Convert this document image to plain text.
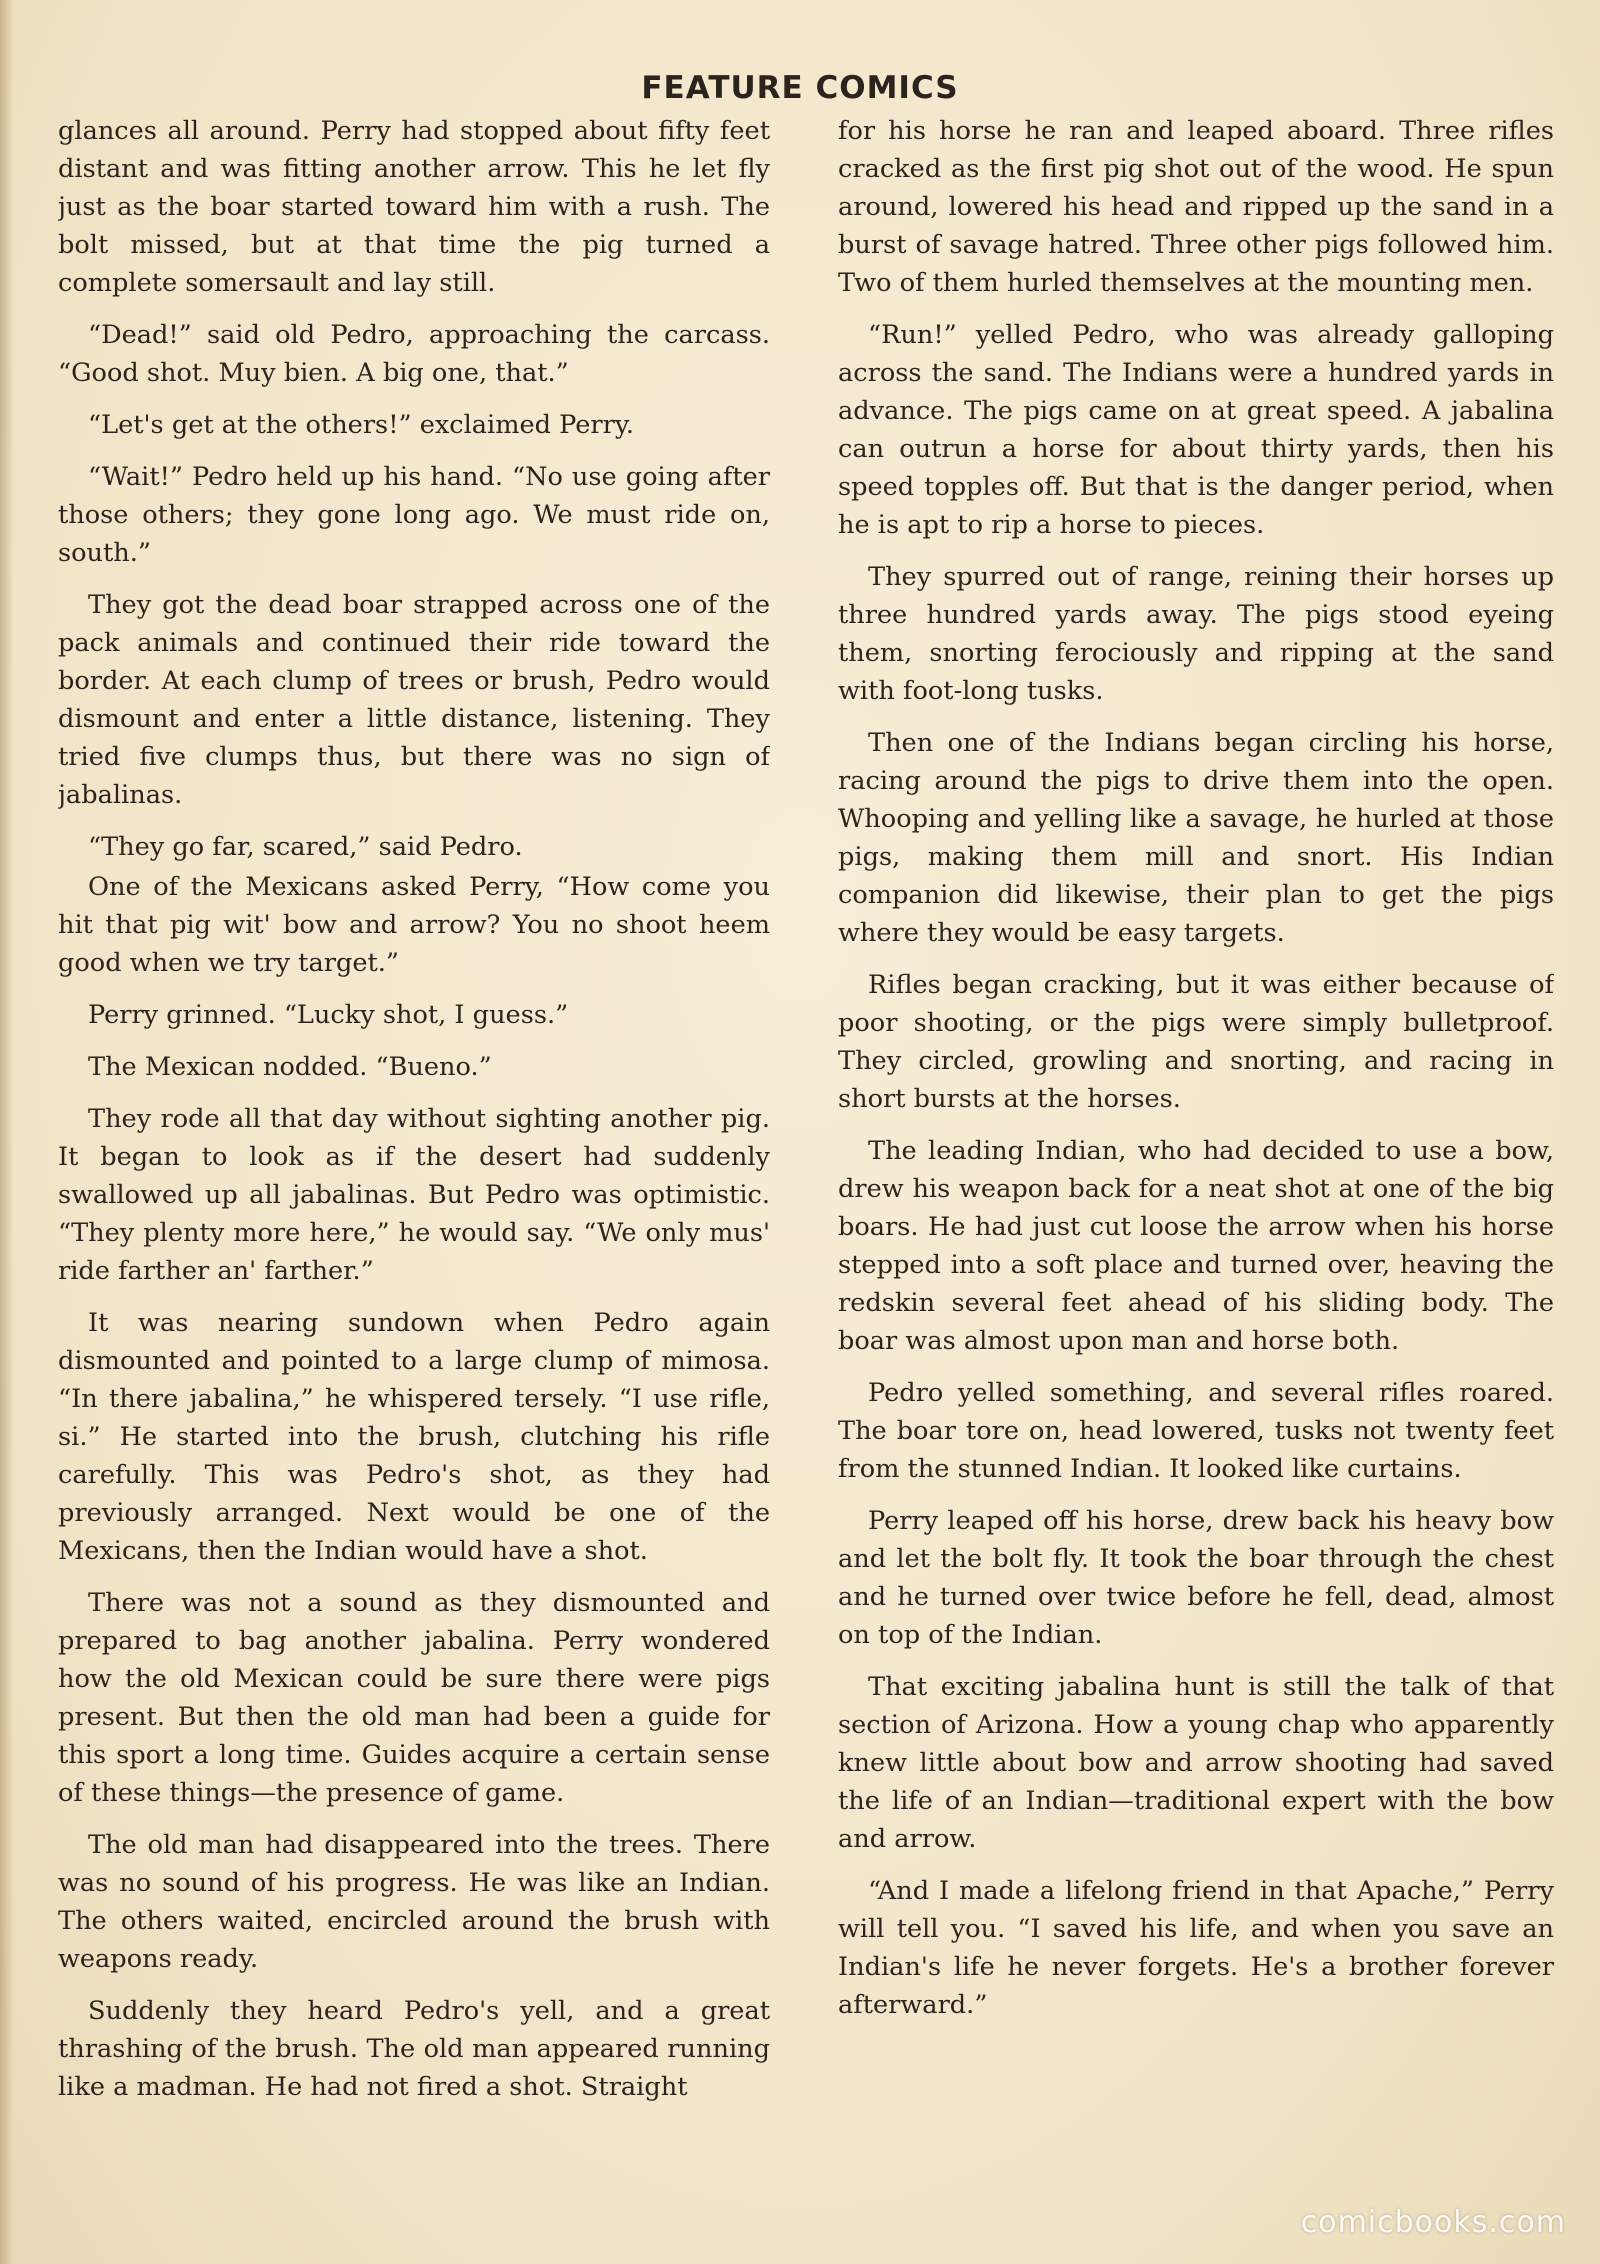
FEATURE COMICS

glances all around. Perry had stopped about fifty feet distant and was fitting another arrow. This he let fly just as the boar started toward him with a rush. The bolt missed, but at that time the pig turned a complete somersault and lay still.

“Dead!” said old Pedro, approaching the carcass. “Good shot. Muy bien. A big one, that.”

“Let's get at the others!” exclaimed Perry.

“Wait!” Pedro held up his hand. “No use going after those others; they gone long ago. We must ride on, south.”

They got the dead boar strapped across one of the pack animals and continued their ride toward the border. At each clump of trees or brush, Pedro would dismount and enter a little distance, listening. They tried five clumps thus, but there was no sign of jabalinas.

“They go far, scared,” said Pedro.

One of the Mexicans asked Perry, “How come you hit that pig wit' bow and arrow? You no shoot heem good when we try target.”

Perry grinned. “Lucky shot, I guess.”

The Mexican nodded. “Bueno.”

They rode all that day without sighting another pig. It began to look as if the desert had suddenly swallowed up all jabalinas. But Pedro was optimistic. “They plenty more here,” he would say. “We only mus' ride farther an' farther.”

It was nearing sundown when Pedro again dismounted and pointed to a large clump of mimosa. “In there jabalina,” he whispered tersely. “I use rifle, si.” He started into the brush, clutching his rifle carefully. This was Pedro's shot, as they had previously arranged. Next would be one of the Mexicans, then the Indian would have a shot.

There was not a sound as they dismounted and prepared to bag another jabalina. Perry wondered how the old Mexican could be sure there were pigs present. But then the old man had been a guide for this sport a long time. Guides acquire a certain sense of these things—the presence of game.

The old man had disappeared into the trees. There was no sound of his progress. He was like an Indian. The others waited, encircled around the brush with weapons ready.

Suddenly they heard Pedro's yell, and a great thrashing of the brush. The old man appeared running like a madman. He had not fired a shot. Straight

for his horse he ran and leaped aboard. Three rifles cracked as the first pig shot out of the wood. He spun around, lowered his head and ripped up the sand in a burst of savage hatred. Three other pigs followed him. Two of them hurled themselves at the mounting men.

“Run!” yelled Pedro, who was already galloping across the sand. The Indians were a hundred yards in advance. The pigs came on at great speed. A jabalina can outrun a horse for about thirty yards, then his speed topples off. But that is the danger period, when he is apt to rip a horse to pieces.

They spurred out of range, reining their horses up three hundred yards away. The pigs stood eyeing them, snorting ferociously and ripping at the sand with foot-long tusks.

Then one of the Indians began circling his horse, racing around the pigs to drive them into the open. Whooping and yelling like a savage, he hurled at those pigs, making them mill and snort. His Indian companion did likewise, their plan to get the pigs where they would be easy targets.

Rifles began cracking, but it was either because of poor shooting, or the pigs were simply bulletproof. They circled, growling and snorting, and racing in short bursts at the horses.

The leading Indian, who had decided to use a bow, drew his weapon back for a neat shot at one of the big boars. He had just cut loose the arrow when his horse stepped into a soft place and turned over, heaving the redskin several feet ahead of his sliding body. The boar was almost upon man and horse both.

Pedro yelled something, and several rifles roared. The boar tore on, head lowered, tusks not twenty feet from the stunned Indian. It looked like curtains.

Perry leaped off his horse, drew back his heavy bow and let the bolt fly. It took the boar through the chest and he turned over twice before he fell, dead, almost on top of the Indian.

That exciting jabalina hunt is still the talk of that section of Arizona. How a young chap who apparently knew little about bow and arrow shooting had saved the life of an Indian—traditional expert with the bow and arrow.

“And I made a lifelong friend in that Apache,” Perry will tell you. “I saved his life, and when you save an Indian's life he never forgets. He's a brother forever afterward.”

comicbooks.com
